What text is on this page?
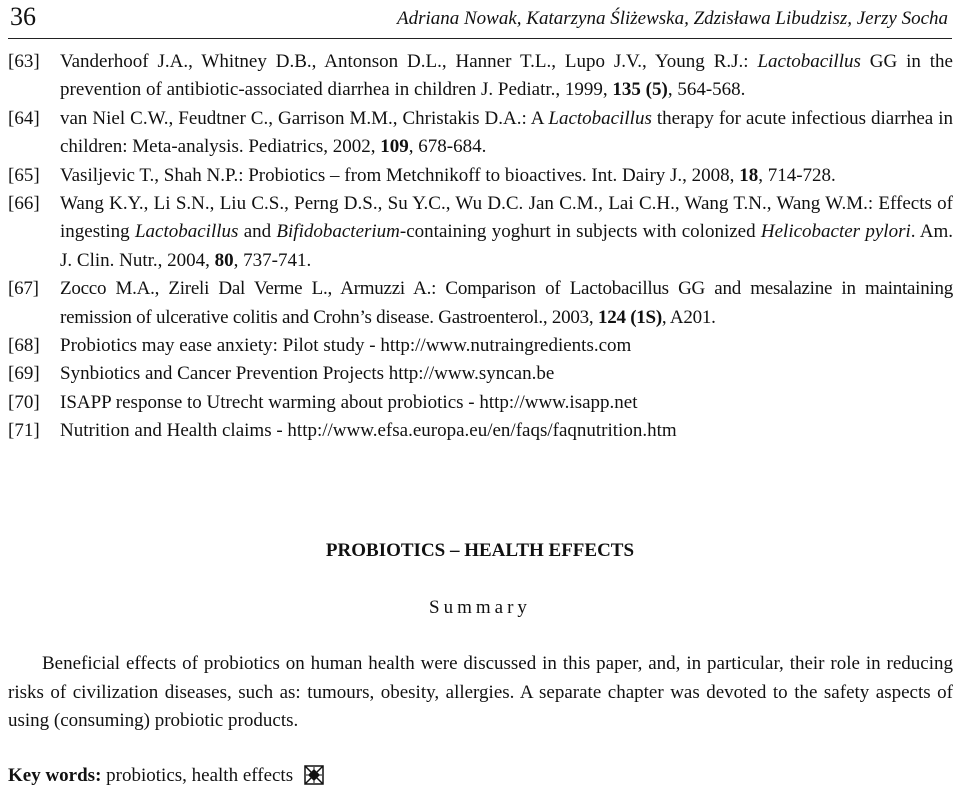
36	Adriana Nowak, Katarzyna Śliżewska, Zdzisława Libudzisz, Jerzy Socha
[63] Vanderhoof J.A., Whitney D.B., Antonson D.L., Hanner T.L., Lupo J.V., Young R.J.: Lactobacillus GG in the prevention of antibiotic-associated diarrhea in children J. Pediatr., 1999, 135 (5), 564-568.
[64] van Niel C.W., Feudtner C., Garrison M.M., Christakis D.A.: A Lactobacillus therapy for acute infectious diarrhea in children: Meta-analysis. Pediatrics, 2002, 109, 678-684.
[65] Vasiljevic T., Shah N.P.: Probiotics – from Metchnikoff to bioactives. Int. Dairy J., 2008, 18, 714-728.
[66] Wang K.Y., Li S.N., Liu C.S., Perng D.S., Su Y.C., Wu D.C. Jan C.M., Lai C.H., Wang T.N., Wang W.M.: Effects of ingesting Lactobacillus and Bifidobacterium-containing yoghurt in subjects with colonized Helicobacter pylori. Am. J. Clin. Nutr., 2004, 80, 737-741.
[67] Zocco M.A., Zireli Dal Verme L., Armuzzi A.: Comparison of Lactobacillus GG and mesalazine in maintaining remission of ulcerative colitis and Crohn’s disease. Gastroenterol., 2003, 124 (1S), A201.
[68] Probiotics may ease anxiety: Pilot study - http://www.nutraingredients.com
[69] Synbiotics and Cancer Prevention Projects http://www.syncan.be
[70] ISAPP response to Utrecht warming about probiotics - http://www.isapp.net
[71] Nutrition and Health claims - http://www.efsa.europa.eu/en/faqs/faqnutrition.htm
PROBIOTICS – HEALTH EFFECTS
Summary
Beneficial effects of probiotics on human health were discussed in this paper, and, in particular, their role in reducing risks of civilization diseases, such as: tumours, obesity, allergies. A separate chapter was devoted to the safety aspects of using (consuming) probiotic products.
Key words: probiotics, health effects
